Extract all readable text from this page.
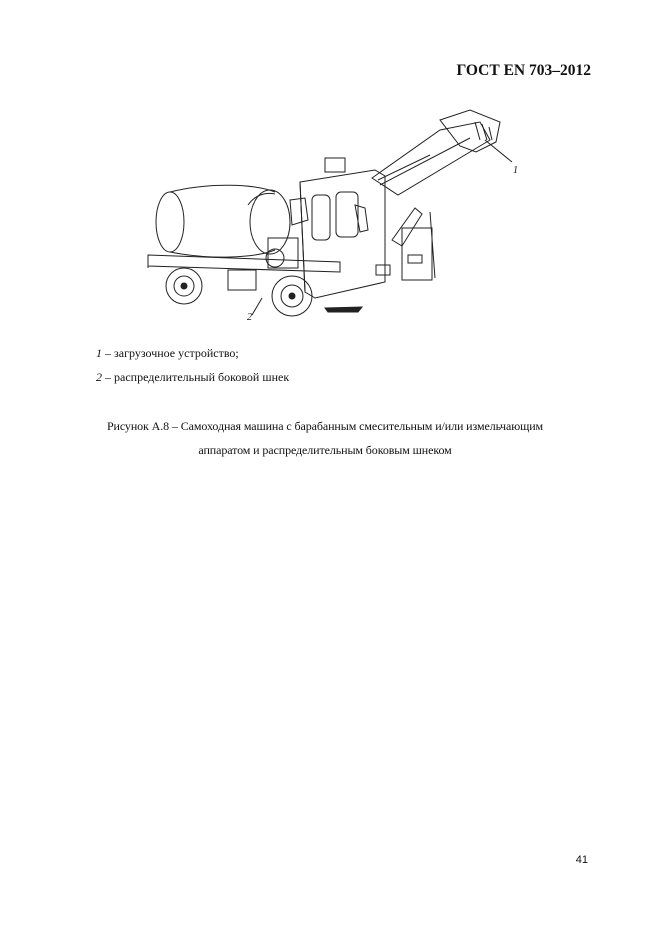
ГОСТ EN 703–2012
1
2
1 – загрузочное устройство;
2 – распределительный боковой шнек
Рисунок А.8 – Самоходная машина с барабанным смесительным и/или измельчающим
аппаратом и распределительным боковым шнеком
41
